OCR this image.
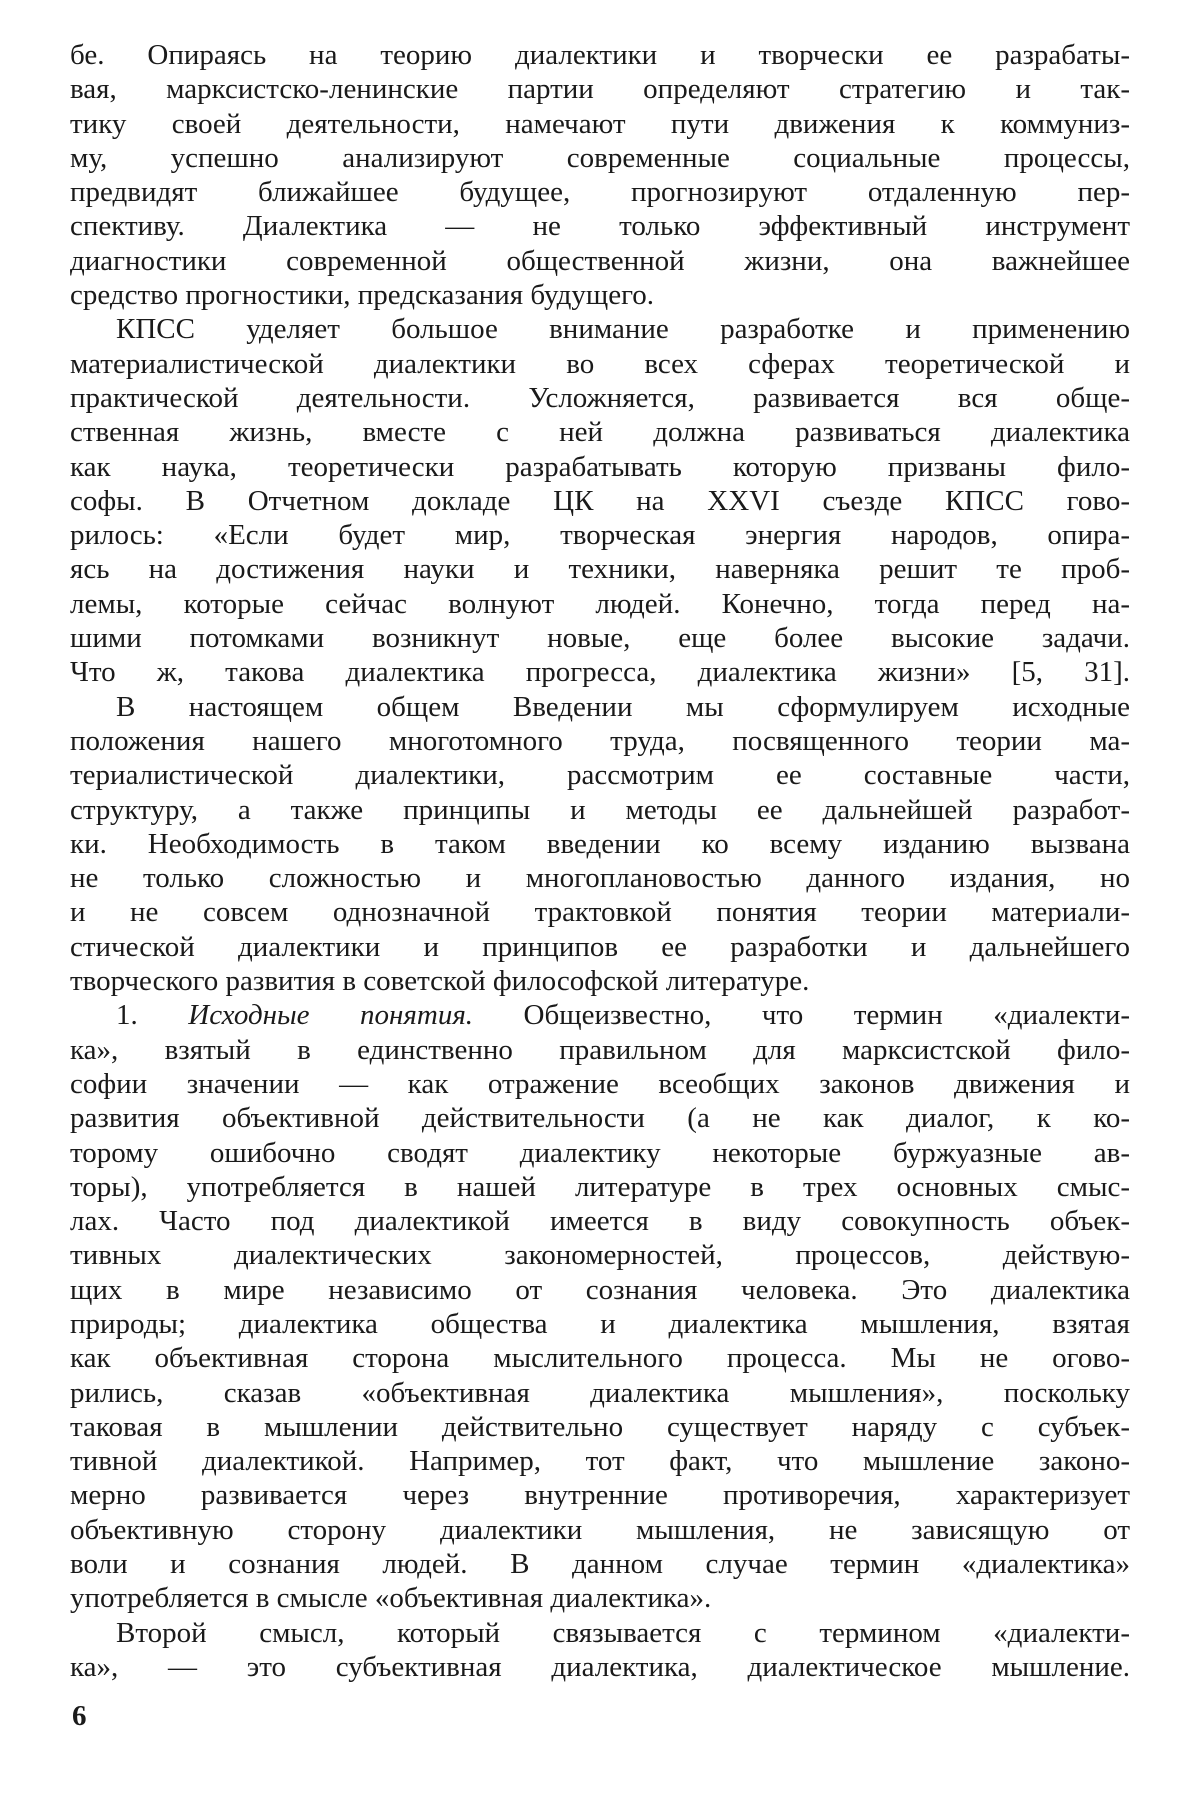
бе. Опираясь на теорию диалектики и творчески ее разрабаты-
вая, марксистско-ленинские партии определяют стратегию и так-
тику своей деятельности, намечают пути движения к коммуниз-
му, успешно анализируют современные социальные процессы,
предвидят ближайшее будущее, прогнозируют отдаленную пер-
спективу. Диалектика — не только эффективный инструмент
диагностики современной общественной жизни, она важнейшее
средство прогностики, предсказания будущего.
КПСС уделяет большое внимание разработке и применению
материалистической диалектики во всех сферах теоретической и
практической деятельности. Усложняется, развивается вся обще-
ственная жизнь, вместе с ней должна развиваться диалектика
как наука, теоретически разрабатывать которую призваны фило-
софы. В Отчетном докладе ЦК на XXVI съезде КПСС гово-
рилось: «Если будет мир, творческая энергия народов, опира-
ясь на достижения науки и техники, наверняка решит те проб-
лемы, которые сейчас волнуют людей. Конечно, тогда перед на-
шими потомками возникнут новые, еще более высокие задачи.
Что ж, такова диалектика прогресса, диалектика жизни» [5, 31].
В настоящем общем Введении мы сформулируем исходные
положения нашего многотомного труда, посвященного теории ма-
териалистической диалектики, рассмотрим ее составные части,
структуру, а также принципы и методы ее дальнейшей разработ-
ки. Необходимость в таком введении ко всему изданию вызвана
не только сложностью и многоплановостью данного издания, но
и не совсем однозначной трактовкой понятия теории материали-
стической диалектики и принципов ее разработки и дальнейшего
творческого развития в советской философской литературе.
1. Исходные понятия. Общеизвестно, что термин «диалекти-
ка», взятый в единственно правильном для марксистской фило-
софии значении — как отражение всеобщих законов движения и
развития объективной действительности (а не как диалог, к ко-
торому ошибочно сводят диалектику некоторые буржуазные ав-
торы), употребляется в нашей литературе в трех основных смыс-
лах. Часто под диалектикой имеется в виду совокупность объек-
тивных диалектических закономерностей, процессов, действую-
щих в мире независимо от сознания человека. Это диалектика
природы; диалектика общества и диалектика мышления, взятая
как объективная сторона мыслительного процесса. Мы не огово-
рились, сказав «объективная диалектика мышления», поскольку
таковая в мышлении действительно существует наряду с субъек-
тивной диалектикой. Например, тот факт, что мышление законо-
мерно развивается через внутренние противоречия, характеризует
объективную сторону диалектики мышления, не зависящую от
воли и сознания людей. В данном случае термин «диалектика»
употребляется в смысле «объективная диалектика».
Второй смысл, который связывается с термином «диалекти-
ка», — это субъективная диалектика, диалектическое мышление.
6
